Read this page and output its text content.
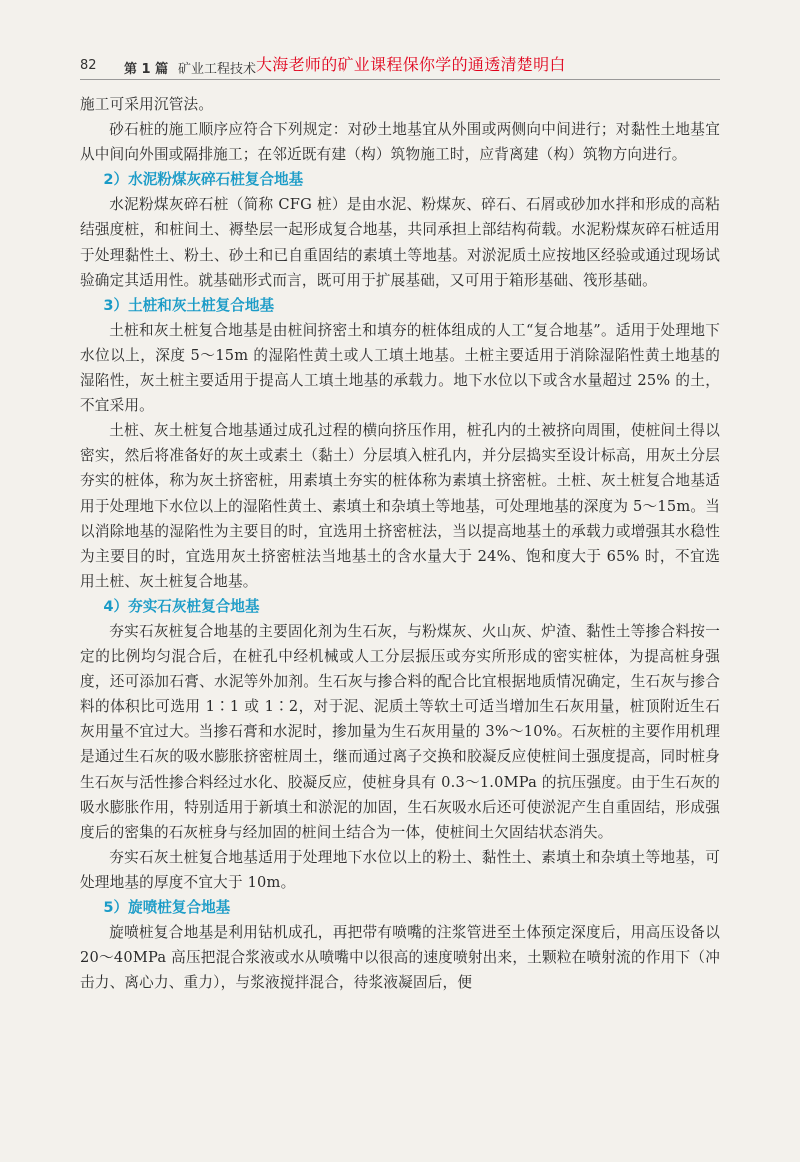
82 第 1 篇 矿业工程技术 大海老师的矿业课程保你学的通透清楚明白

施工可采用沉管法。

砂石桩的施工顺序应符合下列规定：对砂土地基宜从外围或两侧向中间进行；对黏性土地基宜从中间向外围或隔排施工；在邻近既有建（构）筑物施工时，应背离建（构）筑物方向进行。

2）水泥粉煤灰碎石桩复合地基

水泥粉煤灰碎石桩（简称 CFG 桩）是由水泥、粉煤灰、碎石、石屑或砂加水拌和形成的高粘结强度桩，和桩间土、褥垫层一起形成复合地基，共同承担上部结构荷载。水泥粉煤灰碎石桩适用于处理黏性土、粉土、砂土和已自重固结的素填土等地基。对淤泥质土应按地区经验或通过现场试验确定其适用性。就基础形式而言，既可用于扩展基础，又可用于箱形基础、筏形基础。

3）土桩和灰土桩复合地基

土桩和灰土桩复合地基是由桩间挤密土和填夯的桩体组成的人工“复合地基”。适用于处理地下水位以上，深度 5～15m 的湿陷性黄土或人工填土地基。土桩主要适用于消除湿陷性黄土地基的湿陷性，灰土桩主要适用于提高人工填土地基的承载力。地下水位以下或含水量超过 25% 的土，不宜采用。

土桩、灰土桩复合地基通过成孔过程的横向挤压作用，桩孔内的土被挤向周围，使桩间土得以密实，然后将准备好的灰土或素土（黏土）分层填入桩孔内，并分层捣实至设计标高，用灰土分层夯实的桩体，称为灰土挤密桩，用素填土夯实的桩体称为素填土挤密桩。土桩、灰土桩复合地基适用于处理地下水位以上的湿陷性黄土、素填土和杂填土等地基，可处理地基的深度为 5～15m。当以消除地基的湿陷性为主要目的时，宜选用土挤密桩法，当以提高地基土的承载力或增强其水稳性为主要目的时，宜选用灰土挤密桩法当地基土的含水量大于 24%、饱和度大于 65% 时，不宜选用土桩、灰土桩复合地基。

4）夯实石灰桩复合地基

夯实石灰桩复合地基的主要固化剂为生石灰，与粉煤灰、火山灰、炉渣、黏性土等掺合料按一定的比例均匀混合后，在桩孔中经机械或人工分层振压或夯实所形成的密实桩体，为提高桩身强度，还可添加石膏、水泥等外加剂。生石灰与掺合料的配合比宜根据地质情况确定，生石灰与掺合料的体积比可选用 1∶1 或 1∶2，对于泥、泥质土等软土可适当增加生石灰用量，桩顶附近生石灰用量不宜过大。当掺石膏和水泥时，掺加量为生石灰用量的 3%～10%。石灰桩的主要作用机理是通过生石灰的吸水膨胀挤密桩周土，继而通过离子交换和胶凝反应使桩间土强度提高，同时桩身生石灰与活性掺合料经过水化、胶凝反应，使桩身具有 0.3～1.0MPa 的抗压强度。由于生石灰的吸水膨胀作用，特别适用于新填土和淤泥的加固，生石灰吸水后还可使淤泥产生自重固结，形成强度后的密集的石灰桩身与经加固的桩间土结合为一体，使桩间土欠固结状态消失。

夯实石灰土桩复合地基适用于处理地下水位以上的粉土、黏性土、素填土和杂填土等地基，可处理地基的厚度不宜大于 10m。

5）旋喷桩复合地基

旋喷桩复合地基是利用钻机成孔，再把带有喷嘴的注浆管进至土体预定深度后，用高压设备以 20～40MPa 高压把混合浆液或水从喷嘴中以很高的速度喷射出来，土颗粒在喷射流的作用下（冲击力、离心力、重力），与浆液搅拌混合，待浆液凝固后，便
